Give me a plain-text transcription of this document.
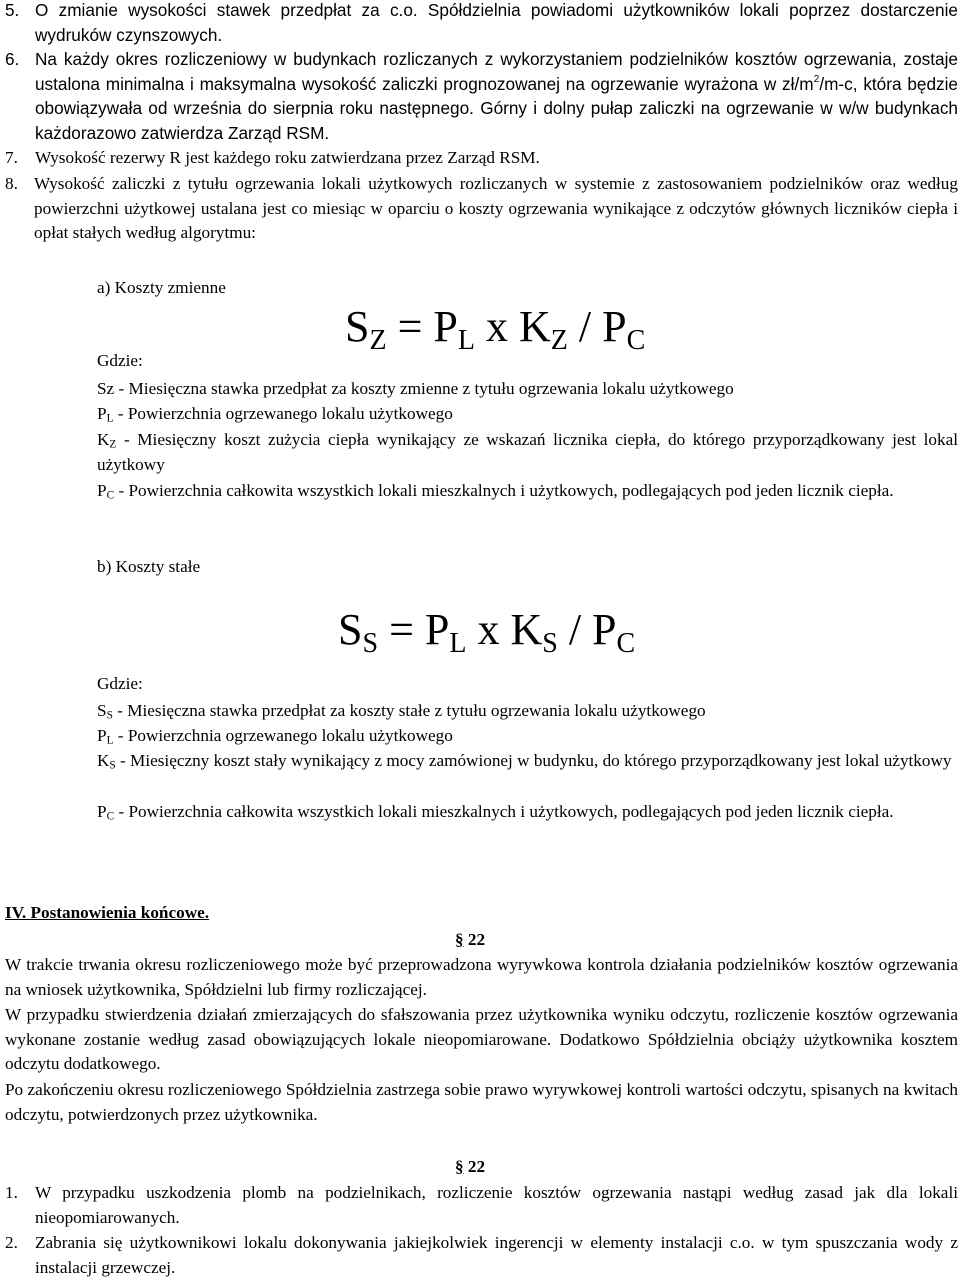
5. O zmianie wysokości stawek przedpłat za c.o. Spółdzielnia powiadomi użytkowników lokali poprzez dostarczenie wydruków czynszowych.
6. Na każdy okres rozliczeniowy w budynkach rozliczanych z wykorzystaniem podzielników kosztów ogrzewania, zostaje ustalona minimalna i maksymalna wysokość zaliczki prognozowanej na ogrzewanie wyrażona w $zł/m^2/m-c$, która będzie obowiązywała od września do sierpnia roku następnego. Górny i dolny pułap zaliczki na ogrzewanie w w/w budynkach każdorazowo zatwierdza Zarząd RSM.
7. Wysokość rezerwy R jest każdego roku zatwierdzana przez Zarząd RSM.
8. Wysokość zaliczki z tytułu ogrzewania lokali użytkowych rozliczanych w systemie z zastosowaniem podzielników oraz według powierzchni użytkowej ustalana jest co miesiąc w oparciu o koszty ogrzewania wynikające z odczytów głównych liczników ciepła i opłat stałych według algorytmu:
a) Koszty zmienne
SZ = PL x KZ / PC
Gdzie:
Sz - Miesięczna stawka przedpłat za koszty zmienne z tytułu ogrzewania lokalu użytkowego
$P_L$ - Powierzchnia ogrzewanego lokalu użytkowego
$K_Z$ - Miesięczny koszt zużycia ciepła wynikający ze wskazań licznika ciepła, do którego przyporządkowany jest lokal użytkowy
$P_C$ - Powierzchnia całkowita wszystkich lokali mieszkalnych i użytkowych, podlegających pod jeden licznik ciepła.
b) Koszty stałe
SS = PL x KS / PC
Gdzie:
$S_S$ - Miesięczna stawka przedpłat za koszty stałe z tytułu ogrzewania lokalu użytkowego
$P_L$ - Powierzchnia ogrzewanego lokalu użytkowego
$K_S$ - Miesięczny koszt stały wynikający z mocy zamówionej w budynku, do którego przyporządkowany jest lokal użytkowy
$P_C$ - Powierzchnia całkowita wszystkich lokali mieszkalnych i użytkowych, podlegających pod jeden licznik ciepła.
IV. Postanowienia końcowe.
§ 22
W trakcie trwania okresu rozliczeniowego może być przeprowadzona wyrywkowa kontrola działania podzielników kosztów ogrzewania na wniosek użytkownika, Spółdzielni lub firmy rozliczającej.
W przypadku stwierdzenia działań zmierzających do sfałszowania przez użytkownika wyniku odczytu, rozliczenie kosztów ogrzewania wykonane zostanie według zasad obowiązujących lokale nieopomiarowane. Dodatkowo Spółdzielnia obciąży użytkownika kosztem odczytu dodatkowego.
Po zakończeniu okresu rozliczeniowego Spółdzielnia zastrzega sobie prawo wyrywkowej kontroli wartości odczytu, spisanych na kwitach odczytu, potwierdzonych przez użytkownika.
§ 22
1. W przypadku uszkodzenia plomb na podzielnikach, rozliczenie kosztów ogrzewania nastąpi według zasad jak dla lokali nieopomiarowanych.
2. Zabrania się użytkownikowi lokalu dokonywania jakiejkolwiek ingerencji w elementy instalacji c.o. w tym spuszczania wody z instalacji grzewczej.
